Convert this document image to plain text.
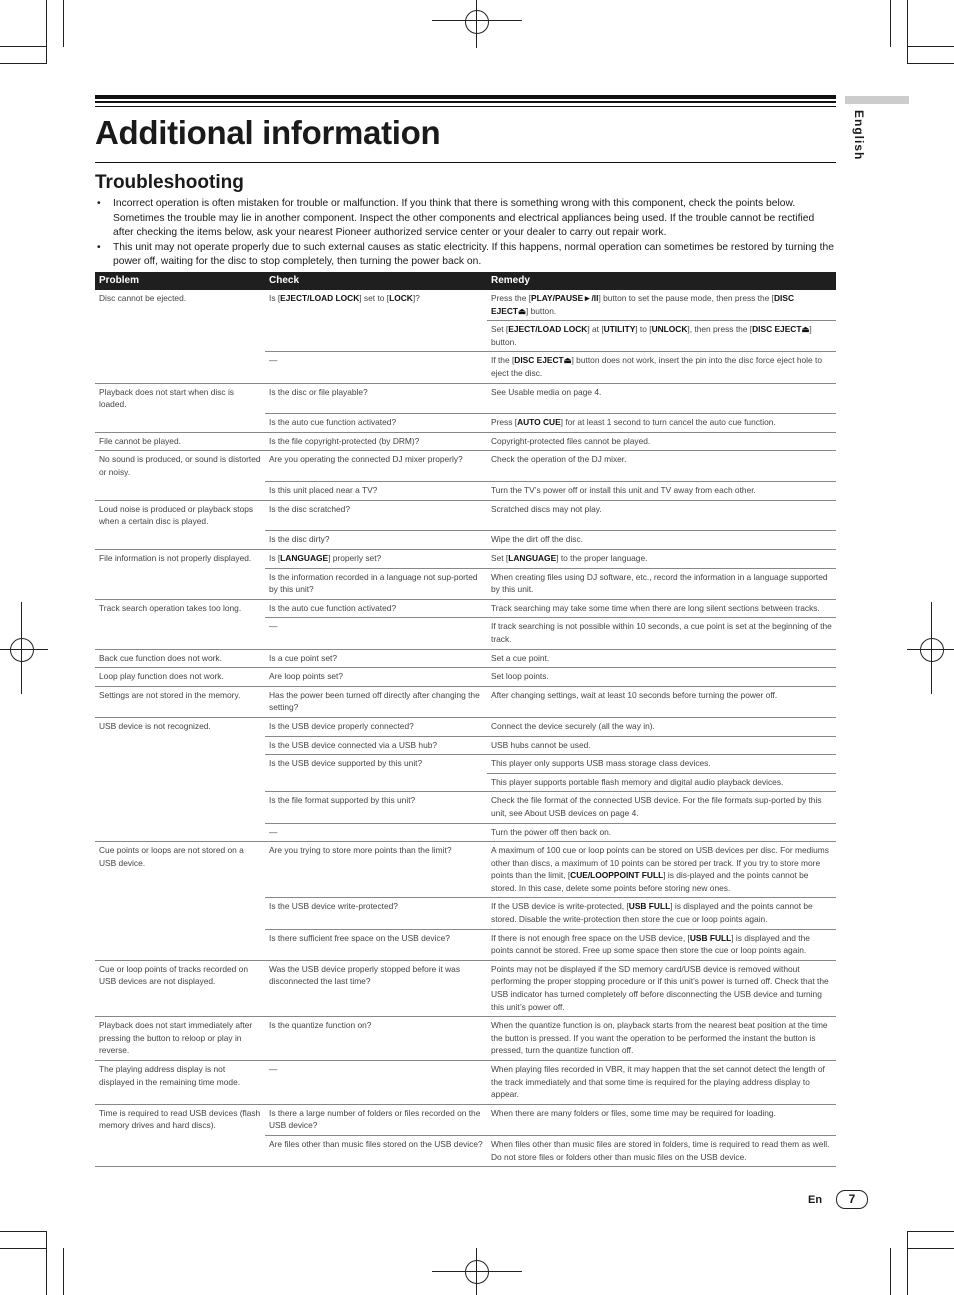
Additional information	English
Troubleshooting
• Incorrect operation is often mistaken for trouble or malfunction. If you think that there is something wrong with this component, check the points below. Sometimes the trouble may lie in another component. Inspect the other components and electrical appliances being used. If the trouble cannot be rectified after checking the items below, ask your nearest Pioneer authorized service center or your dealer to carry out repair work.
• This unit may not operate properly due to such external causes as static electricity. If this happens, normal operation can sometimes be restored by turning the power off, waiting for the disc to stop completely, then turning the power back on.
Problem	Check	Remedy
Disc cannot be ejected.	Is [EJECT/LOAD LOCK] set to [LOCK]?	Press the [PLAY/PAUSE►/II] button to set the pause mode, then press the [DISC EJECT⏏] button.
		Set [EJECT/LOAD LOCK] at [UTILITY] to [UNLOCK], then press the [DISC EJECT⏏] button.
	—	If the [DISC EJECT⏏] button does not work, insert the pin into the disc force eject hole to eject the disc.
Playback does not start when disc is loaded.	Is the disc or file playable?	See Usable media on page 4.
	Is the auto cue function activated?	Press [AUTO CUE] for at least 1 second to turn cancel the auto cue function.
File cannot be played.	Is the file copyright-protected (by DRM)?	Copyright-protected files cannot be played.
No sound is produced, or sound is distorted or noisy.	Are you operating the connected DJ mixer properly?	Check the operation of the DJ mixer.
	Is this unit placed near a TV?	Turn the TV’s power off or install this unit and TV away from each other.
Loud noise is produced or playback stops when a certain disc is played.	Is the disc scratched?	Scratched discs may not play.
	Is the disc dirty?	Wipe the dirt off the disc.
File information is not properly displayed.	Is [LANGUAGE] properly set?	Set [LANGUAGE] to the proper language.
	Is the information recorded in a language not sup-ported by this unit?	When creating files using DJ software, etc., record the information in a language supported by this unit.
Track search operation takes too long.	Is the auto cue function activated?	Track searching may take some time when there are long silent sections between tracks.
	—	If track searching is not possible within 10 seconds, a cue point is set at the beginning of the track.
Back cue function does not work.	Is a cue point set?	Set a cue point.
Loop play function does not work.	Are loop points set?	Set loop points.
Settings are not stored in the memory.	Has the power been turned off directly after changing the setting?	After changing settings, wait at least 10 seconds before turning the power off.
USB device is not recognized.	Is the USB device properly connected?	Connect the device securely (all the way in).
	Is the USB device connected via a USB hub?	USB hubs cannot be used.
	Is the USB device supported by this unit?	This player only supports USB mass storage class devices.
		This player supports portable flash memory and digital audio playback devices.
	Is the file format supported by this unit?	Check the file format of the connected USB device. For the file formats sup-ported by this unit, see About USB devices on page 4.
	—	Turn the power off then back on.
Cue points or loops are not stored on a USB device.	Are you trying to store more points than the limit?	A maximum of 100 cue or loop points can be stored on USB devices per disc. For mediums other than discs, a maximum of 10 points can be stored per track. If you try to store more points than the limit, [CUE/LOOPPOINT FULL] is dis-played and the points cannot be stored. In this case, delete some points before storing new ones.
	Is the USB device write-protected?	If the USB device is write-protected, [USB FULL] is displayed and the points cannot be stored. Disable the write-protection then store the cue or loop points again.
	Is there sufficient free space on the USB device?	If there is not enough free space on the USB device, [USB FULL] is displayed and the points cannot be stored. Free up some space then store the cue or loop points again.
Cue or loop points of tracks recorded on USB devices are not displayed.	Was the USB device properly stopped before it was disconnected the last time?	Points may not be displayed if the SD memory card/USB device is removed without performing the proper stopping procedure or if this unit’s power is turned off. Check that the USB indicator has turned completely off before disconnecting the USB device and turning this unit’s power off.
Playback does not start immediately after pressing the button to reloop or play in reverse.	Is the quantize function on?	When the quantize function is on, playback starts from the nearest beat position at the time the button is pressed. If you want the operation to be performed the instant the button is pressed, turn the quantize function off.
The playing address display is not displayed in the remaining time mode.	—	When playing files recorded in VBR, it may happen that the set cannot detect the length of the track immediately and that some time is required for the playing address display to appear.
Time is required to read USB devices (flash memory drives and hard discs).	Is there a large number of folders or files recorded on the USB device?	When there are many folders or files, some time may be required for loading.
	Are files other than music files stored on the USB device?	When files other than music files are stored in folders, time is required to read them as well. Do not store files or folders other than music files on the USB device.
En	7
